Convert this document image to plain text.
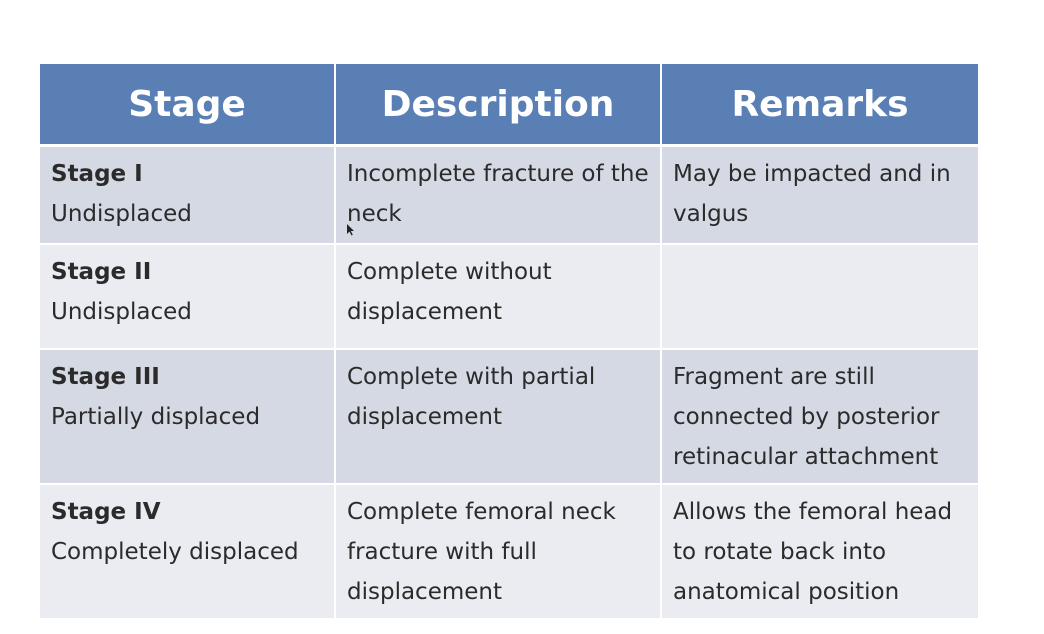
Stage	Description	Remarks

Stage I
Undisplaced	Incomplete fracture of the neck	May be impacted and in valgus

Stage II
Undisplaced	Complete without displacement	

Stage III
Partially displaced	Complete with partial displacement	Fragment are still connected by posterior retinacular attachment

Stage IV
Completely displaced	Complete femoral neck fracture with full displacement	Allows the femoral head to rotate back into anatomical position
